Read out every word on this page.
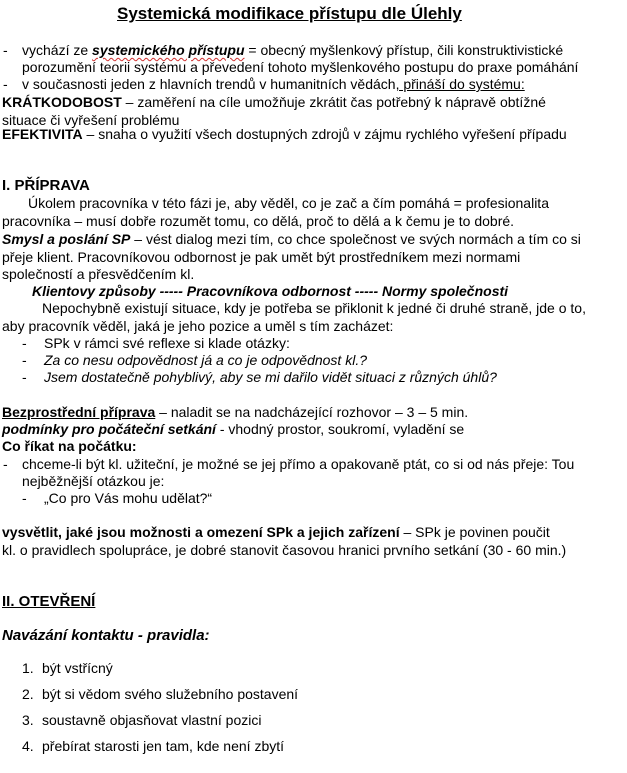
Systemická modifikace přístupu dle Úlehly
- vychází ze systemického přístupu = obecný myšlenkový přístup, čili konstruktivistické
porozumění teorii systému a převedení tohoto myšlenkového postupu do praxe pomáhání
- v současnosti jeden z hlavních trendů v humanitních vědách, přináší do systému:
KRÁTKODOBOST – zaměření na cíle umožňuje zkrátit čas potřebný k nápravě obtížné
situace či vyřešení problému
EFEKTIVITA – snaha o využití všech dostupných zdrojů v zájmu rychlého vyřešení případu
I. PŘÍPRAVA
Úkolem pracovníka v této fázi je, aby věděl, co je zač a čím pomáhá = profesionalita
pracovníka – musí dobře rozumět tomu, co dělá, proč to dělá a k čemu je to dobré.
Smysl a poslání SP – vést dialog mezi tím, co chce společnost ve svých normách a tím co si
přeje klient. Pracovníkovou odbornost je pak umět být prostředníkem mezi normami
společností a přesvědčením kl.
Klientovy způsoby ----- Pracovníkova odbornost ----- Normy společnosti
Nepochybně existují situace, kdy je potřeba se přiklonit k jedné či druhé straně, jde o to,
aby pracovník věděl, jaká je jeho pozice a uměl s tím zacházet:
- SPk v rámci své reflexe si klade otázky:
- Za co nesu odpovědnost já a co je odpovědnost kl.?
- Jsem dostatečně pohyblivý, aby se mi dařilo vidět situaci z různých úhlů?
Bezprostřední příprava – naladit se na nadcházející rozhovor – 3 – 5 min.
podmínky pro počáteční setkání - vhodný prostor, soukromí, vyladění se
Co říkat na počátku:
- chceme-li být kl. užiteční, je možné se jej přímo a opakovaně ptát, co si od nás přeje: Tou
nejběžnější otázkou je:
- „Co pro Vás mohu udělat?“
vysvětlit, jaké jsou možnosti a omezení SPk a jejich zařízení – SPk je povinen poučit
kl. o pravidlech spolupráce, je dobré stanovit časovou hranici prvního setkání (30 - 60 min.)
II. OTEVŘENÍ
Navázání kontaktu - pravidla:
1. být vstřícný
2. být si vědom svého služebního postavení
3. soustavně objasňovat vlastní pozici
4. přebírat starosti jen tam, kde není zbytí
